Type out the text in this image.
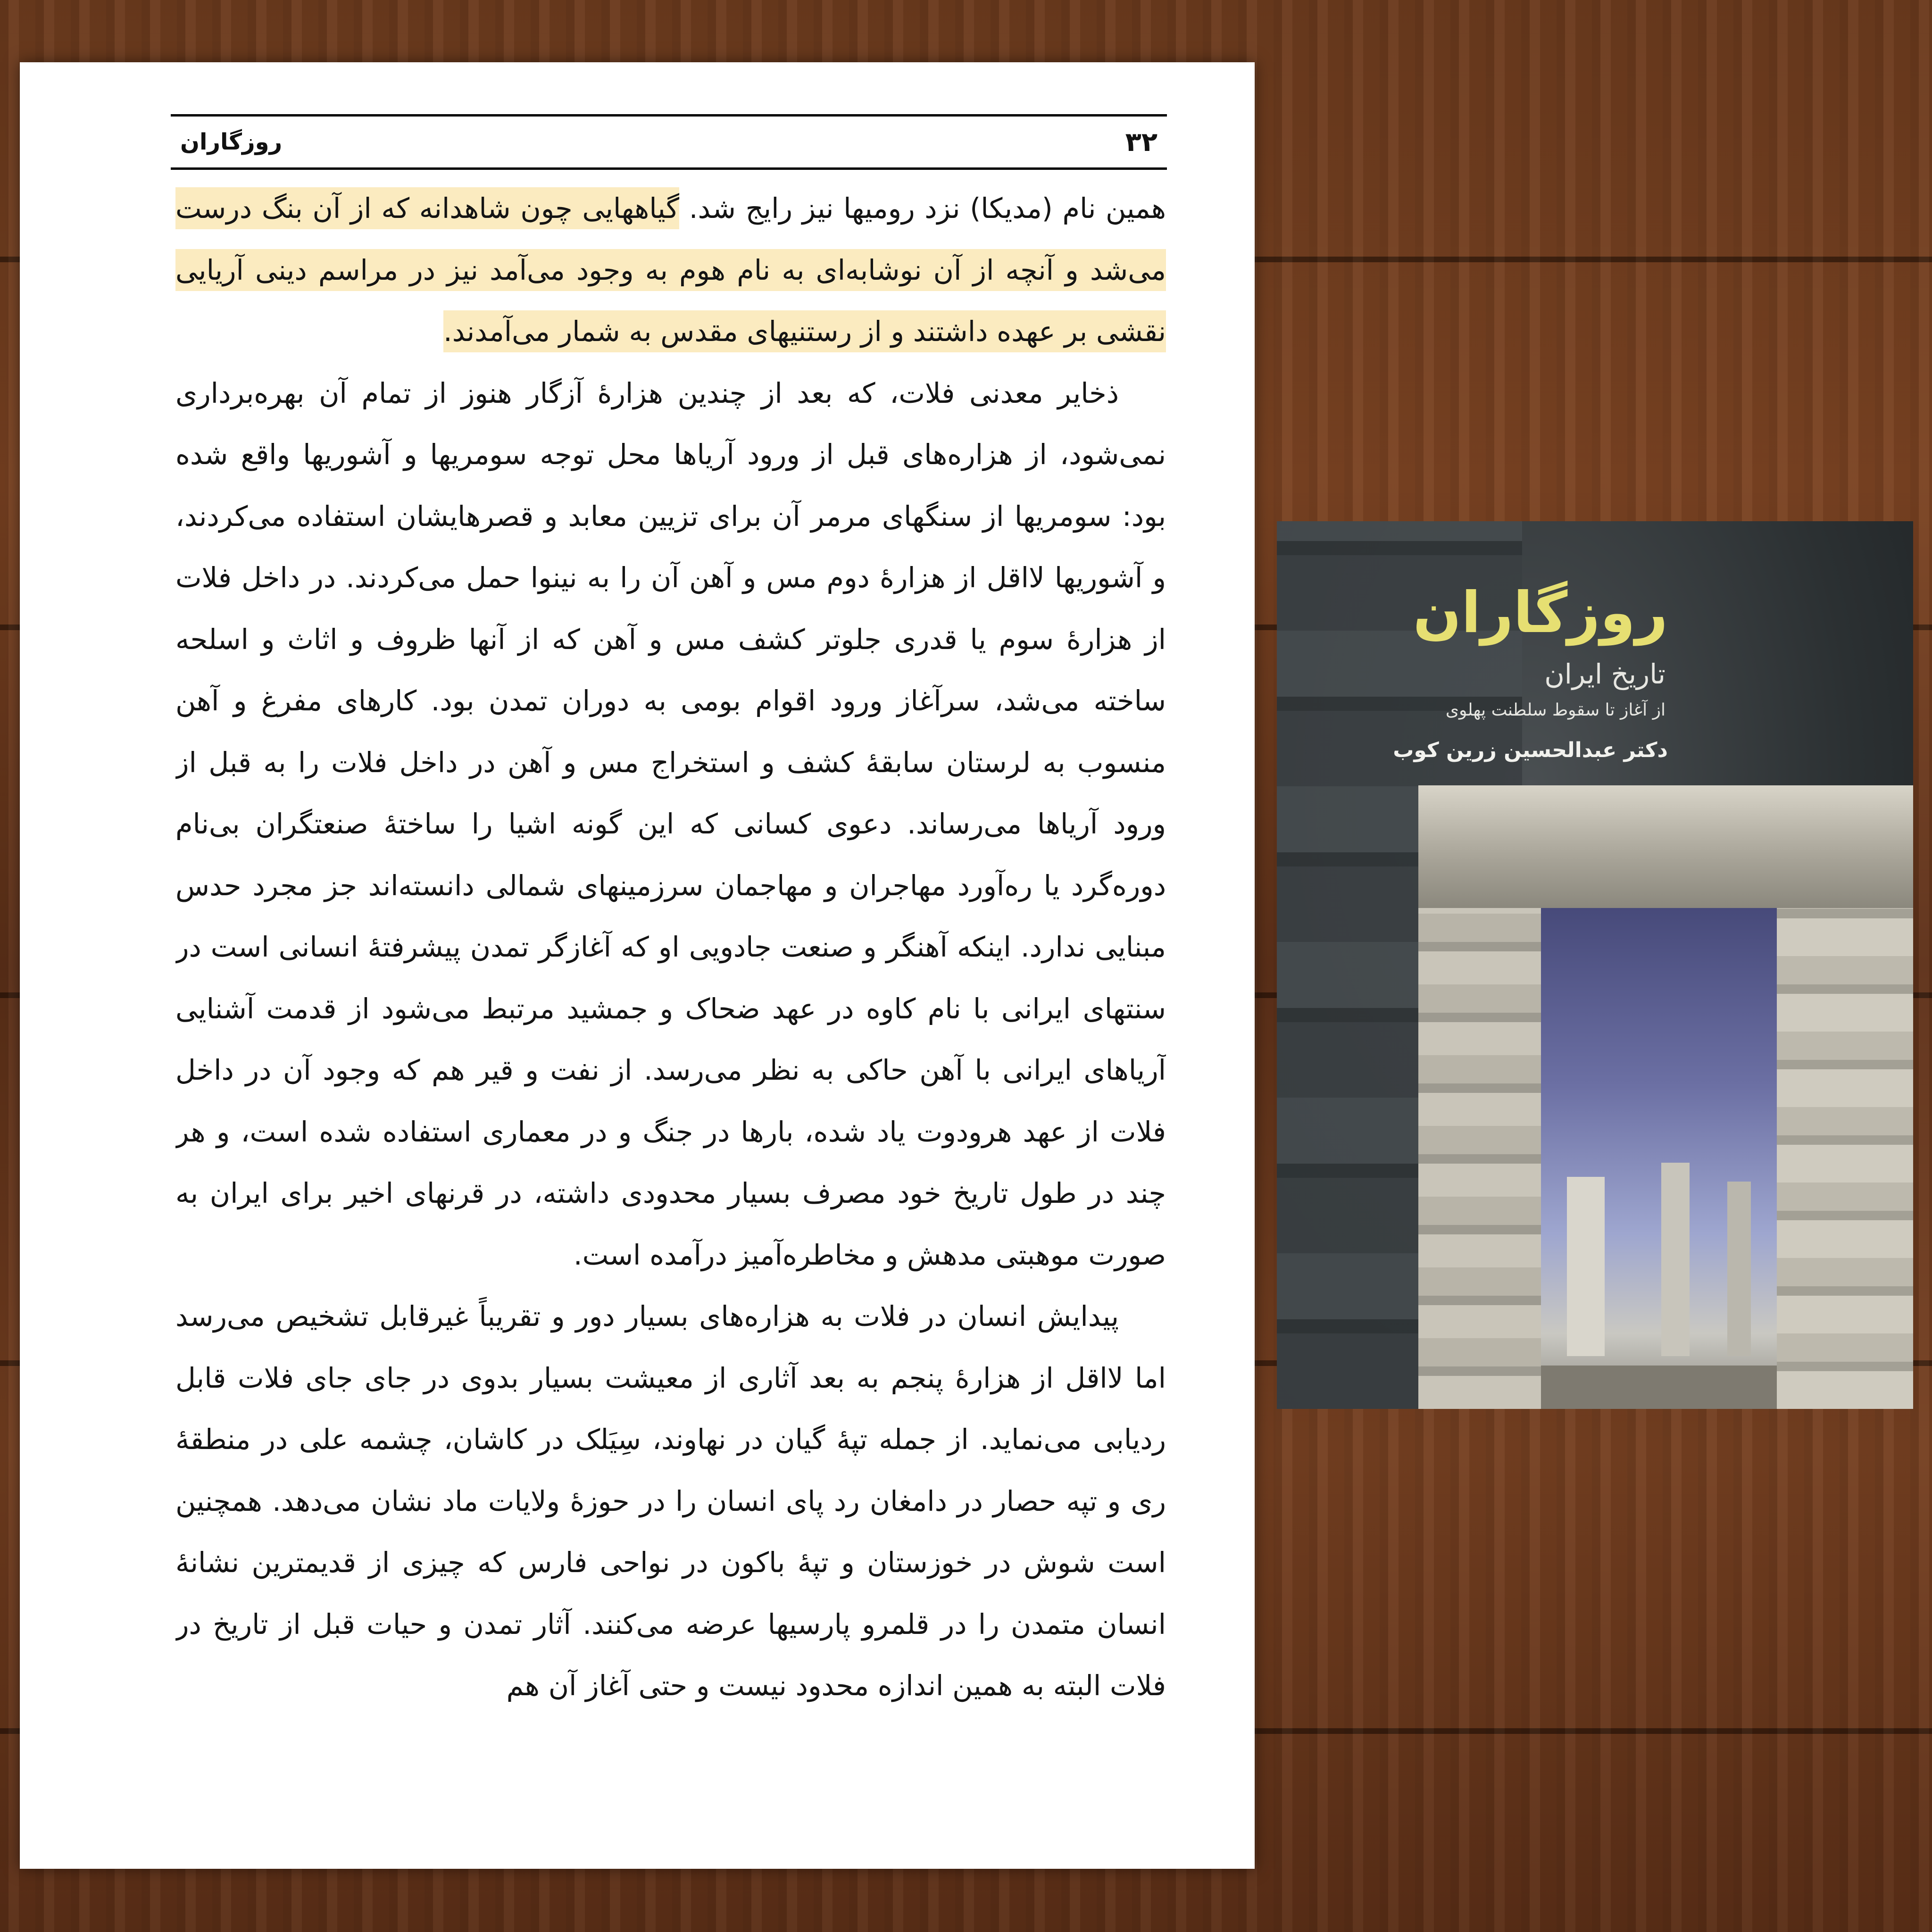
۳۲
روزگاران

همین نام (مدیکا) نزد رومیها نیز رایج شد. گیاههایی چون شاهدانه که از آن بنگ درست می‌شد و آنچه از آن نوشابه‌ای به نام هوم به وجود می‌آمد نیز در مراسم دینی آریایی نقشی بر عهده داشتند و از رستنیهای مقدس به شمار می‌آمدند.

ذخایر معدنی فلات، که بعد از چندین هزارهٔ آزگار هنوز از تمام آن بهره‌برداری نمی‌شود، از هزاره‌های قبل از ورود آریاها محل توجه سومریها و آشوریها واقع شده بود: سومریها از سنگهای مرمر آن برای تزیین معابد و قصرهایشان استفاده می‌کردند، و آشوریها لااقل از هزارهٔ دوم مس و آهن آن را به نینوا حمل می‌کردند. در داخل فلات از هزارهٔ سوم یا قدری جلوتر کشف مس و آهن که از آنها ظروف و اثاث و اسلحه ساخته می‌شد، سرآغاز ورود اقوام بومی به دوران تمدن بود. کارهای مفرغ و آهن منسوب به لرستان سابقهٔ کشف و استخراج مس و آهن در داخل فلات را به قبل از ورود آریاها می‌رساند. دعوی کسانی که این گونه اشیا را ساختهٔ صنعتگران بی‌نام دوره‌گرد یا ره‌آورد مهاجران و مهاجمان سرزمینهای شمالی دانسته‌اند جز مجرد حدس مبنایی ندارد. اینکه آهنگر و صنعت جادویی او که آغازگر تمدن پیشرفتهٔ انسانی است در سنتهای ایرانی با نام کاوه در عهد ضحاک و جمشید مرتبط می‌شود از قدمت آشنایی آریاهای ایرانی با آهن حاکی به نظر می‌رسد. از نفت و قیر هم که وجود آن در داخل فلات از عهد هرودوت یاد شده، بارها در جنگ و در معماری استفاده شده است، و هر چند در طول تاریخ خود مصرف بسیار محدودی داشته، در قرنهای اخیر برای ایران به صورت موهبتی مدهش و مخاطره‌آمیز درآمده است.

پیدایش انسان در فلات به هزاره‌های بسیار دور و تقریباً غیرقابل تشخیص می‌رسد اما لااقل از هزارهٔ پنجم به بعد آثاری از معیشت بسیار بدوی در جای جای فلات قابل ردیابی می‌نماید. از جمله تپهٔ گیان در نهاوند، سِیَلک در کاشان، چشمه علی در منطقهٔ ری و تپه حصار در دامغان رد پای انسان را در حوزهٔ ولایات ماد نشان می‌دهد. همچنین است شوش در خوزستان و تپهٔ باکون در نواحی فارس که چیزی از قدیمترین نشانهٔ انسان متمدن را در قلمرو پارسیها عرضه می‌کنند. آثار تمدن و حیات قبل از تاریخ در فلات البته به همین اندازه محدود نیست و حتی آغاز آن هم

روزگاران
تاریخ ایران
از آغاز تا سقوط سلطنت پهلوی
دکتر عبدالحسین زرین کوب
